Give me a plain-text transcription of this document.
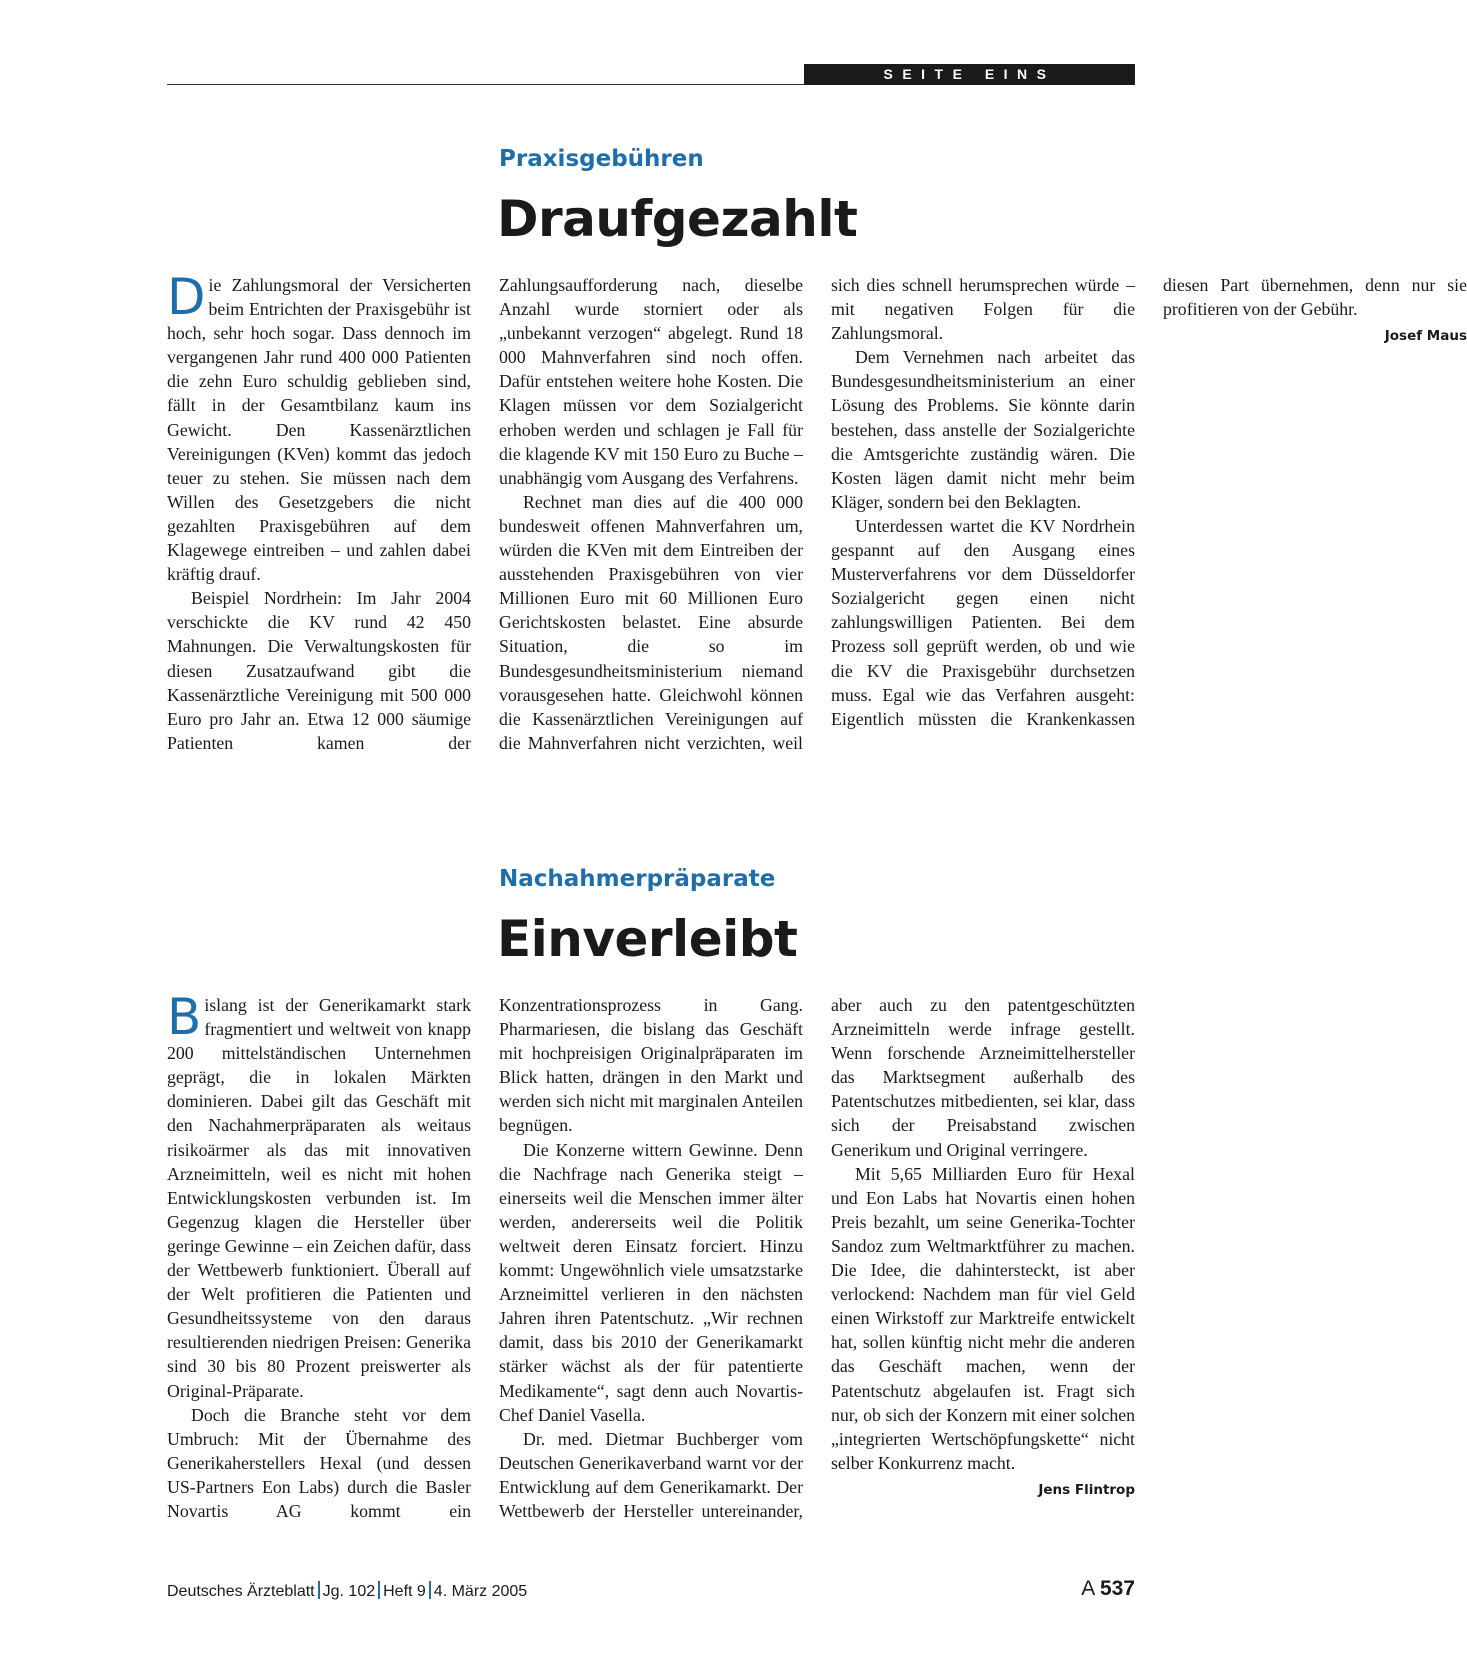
SEITE EINS
Praxisgebühren
Draufgezahlt

Die Zahlungsmoral der Versicherten beim Entrichten der Praxisgebühr ist hoch, sehr hoch sogar. Dass dennoch im vergangenen Jahr rund 400 000 Patienten die zehn Euro schuldig geblieben sind, fällt in der Gesamtbilanz kaum ins Gewicht. Den Kassenärztlichen Vereinigungen (KVen) kommt das jedoch teuer zu stehen. Sie müssen nach dem Willen des Gesetzgebers die nicht gezahlten Praxisgebühren auf dem Klagewege eintreiben – und zahlen dabei kräftig drauf.

Beispiel Nordrhein: Im Jahr 2004 verschickte die KV rund 42 450 Mahnungen. Die Verwaltungskosten für diesen Zusatzaufwand gibt die Kassenärztliche Vereinigung mit 500 000 Euro pro Jahr an. Etwa 12 000 säumige Patienten kamen der Zahlungsaufforderung nach, dieselbe Anzahl wurde storniert oder als „unbekannt verzogen“ abgelegt. Rund 18 000 Mahnverfahren sind noch offen. Dafür entstehen weitere hohe Kosten. Die Klagen müssen vor dem Sozialgericht erhoben werden und schlagen je Fall für die klagende KV mit 150 Euro zu Buche – unabhängig vom Ausgang des Verfahrens.

Rechnet man dies auf die 400 000 bundesweit offenen Mahnverfahren um, würden die KVen mit dem Eintreiben der ausstehenden Praxisgebühren von vier Millionen Euro mit 60 Millionen Euro Gerichtskosten belastet. Eine absurde Situation, die so im Bundesgesundheitsministerium niemand vorausgesehen hatte. Gleichwohl können die Kassenärztlichen Vereinigungen auf die Mahnverfahren nicht verzichten, weil sich dies schnell herumsprechen würde – mit negativen Folgen für die Zahlungsmoral.

Dem Vernehmen nach arbeitet das Bundesgesundheitsministerium an einer Lösung des Problems. Sie könnte darin bestehen, dass anstelle der Sozialgerichte die Amtsgerichte zuständig wären. Die Kosten lägen damit nicht mehr beim Kläger, sondern bei den Beklagten.

Unterdessen wartet die KV Nordrhein gespannt auf den Ausgang eines Musterverfahrens vor dem Düsseldorfer Sozialgericht gegen einen nicht zahlungswilligen Patienten. Bei dem Prozess soll geprüft werden, ob und wie die KV die Praxisgebühr durchsetzen muss. Egal wie das Verfahren ausgeht: Eigentlich müssten die Krankenkassen diesen Part übernehmen, denn nur sie profitieren von der Gebühr.
Josef Maus

Nachahmerpräparate
Einverleibt

Bislang ist der Generikamarkt stark fragmentiert und weltweit von knapp 200 mittelständischen Unternehmen geprägt, die in lokalen Märkten dominieren. Dabei gilt das Geschäft mit den Nachahmerpräparaten als weitaus risikoärmer als das mit innovativen Arzneimitteln, weil es nicht mit hohen Entwicklungskosten verbunden ist. Im Gegenzug klagen die Hersteller über geringe Gewinne – ein Zeichen dafür, dass der Wettbewerb funktioniert. Überall auf der Welt profitieren die Patienten und Gesundheitssysteme von den daraus resultierenden niedrigen Preisen: Generika sind 30 bis 80 Prozent preiswerter als Original-Präparate.

Doch die Branche steht vor dem Umbruch: Mit der Übernahme des Generikaherstellers Hexal (und dessen US-Partners Eon Labs) durch die Basler Novartis AG kommt ein Konzentrationsprozess in Gang. Pharmariesen, die bislang das Geschäft mit hochpreisigen Originalpräparaten im Blick hatten, drängen in den Markt und werden sich nicht mit marginalen Anteilen begnügen.

Die Konzerne wittern Gewinne. Denn die Nachfrage nach Generika steigt – einerseits weil die Menschen immer älter werden, andererseits weil die Politik weltweit deren Einsatz forciert. Hinzu kommt: Ungewöhnlich viele umsatzstarke Arzneimittel verlieren in den nächsten Jahren ihren Patentschutz. „Wir rechnen damit, dass bis 2010 der Generikamarkt stärker wächst als der für patentierte Medikamente“, sagt denn auch Novartis-Chef Daniel Vasella.

Dr. med. Dietmar Buchberger vom Deutschen Generikaverband warnt vor der Entwicklung auf dem Generikamarkt. Der Wettbewerb der Hersteller untereinander, aber auch zu den patentgeschützten Arzneimitteln werde infrage gestellt. Wenn forschende Arzneimittelhersteller das Marktsegment außerhalb des Patentschutzes mitbedienten, sei klar, dass sich der Preisabstand zwischen Generikum und Original verringere.

Mit 5,65 Milliarden Euro für Hexal und Eon Labs hat Novartis einen hohen Preis bezahlt, um seine Generika-Tochter Sandoz zum Weltmarktführer zu machen. Die Idee, die dahintersteckt, ist aber verlockend: Nachdem man für viel Geld einen Wirkstoff zur Marktreife entwickelt hat, sollen künftig nicht mehr die anderen das Geschäft machen, wenn der Patentschutz abgelaufen ist. Fragt sich nur, ob sich der Konzern mit einer solchen „integrierten Wertschöpfungskette“ nicht selber Konkurrenz macht.
Jens Flintrop

Deutsches Ärzteblatt Jg. 102 Heft 9 4. März 2005	A 537
